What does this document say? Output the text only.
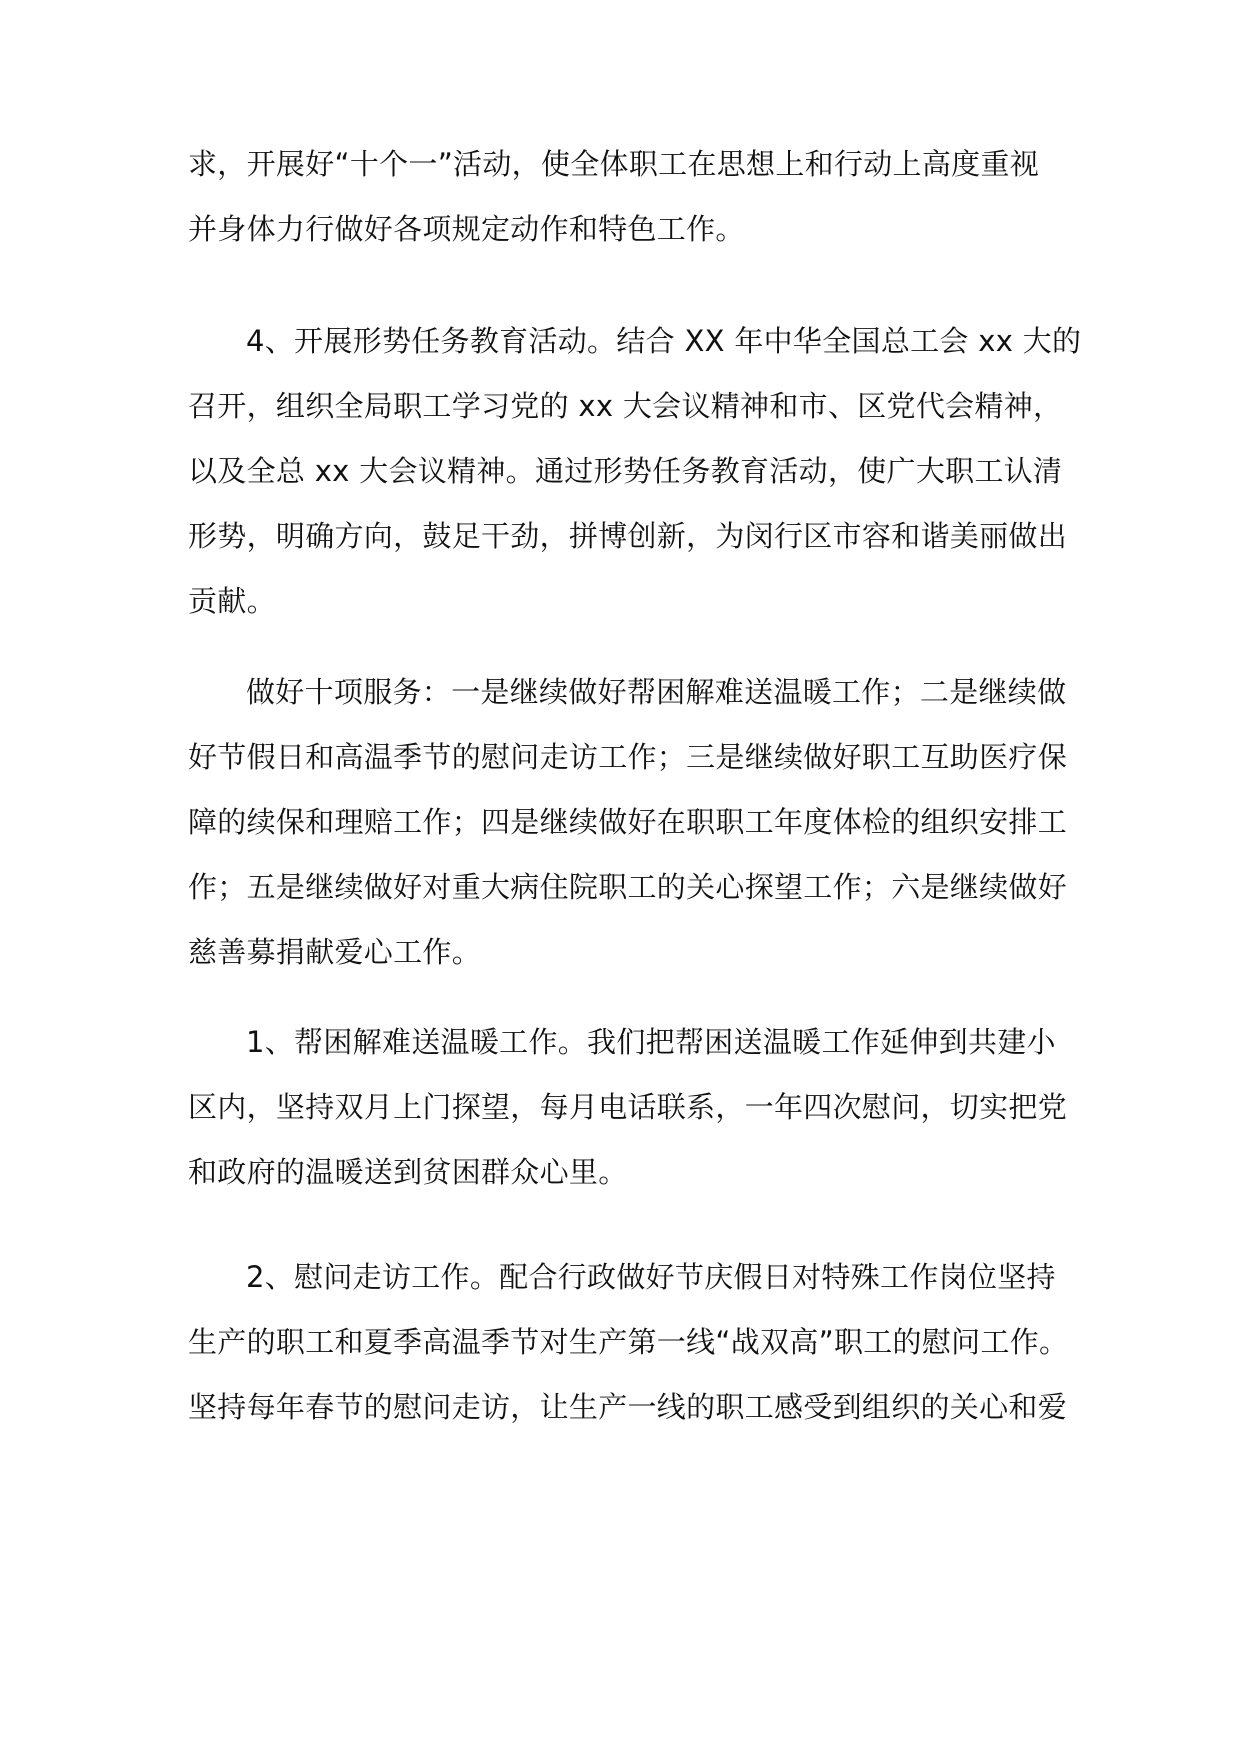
求，开展好“十个一”活动，使全体职工在思想上和行动上高度重视
并身体力行做好各项规定动作和特色工作。
4、开展形势任务教育活动。结合 XX 年中华全国总工会 xx 大的
召开，组织全局职工学习党的 xx 大会议精神和市、区党代会精神，
以及全总 xx 大会议精神。通过形势任务教育活动，使广大职工认清
形势，明确方向，鼓足干劲，拼博创新，为闵行区市容和谐美丽做出
贡献。
做好十项服务：一是继续做好帮困解难送温暖工作；二是继续做
好节假日和高温季节的慰问走访工作；三是继续做好职工互助医疗保
障的续保和理赔工作；四是继续做好在职职工年度体检的组织安排工
作；五是继续做好对重大病住院职工的关心探望工作；六是继续做好
慈善募捐献爱心工作。
1、帮困解难送温暖工作。我们把帮困送温暖工作延伸到共建小
区内，坚持双月上门探望，每月电话联系，一年四次慰问，切实把党
和政府的温暖送到贫困群众心里。
2、慰问走访工作。配合行政做好节庆假日对特殊工作岗位坚持
生产的职工和夏季高温季节对生产第一线“战双高”职工的慰问工作。
坚持每年春节的慰问走访，让生产一线的职工感受到组织的关心和爱
